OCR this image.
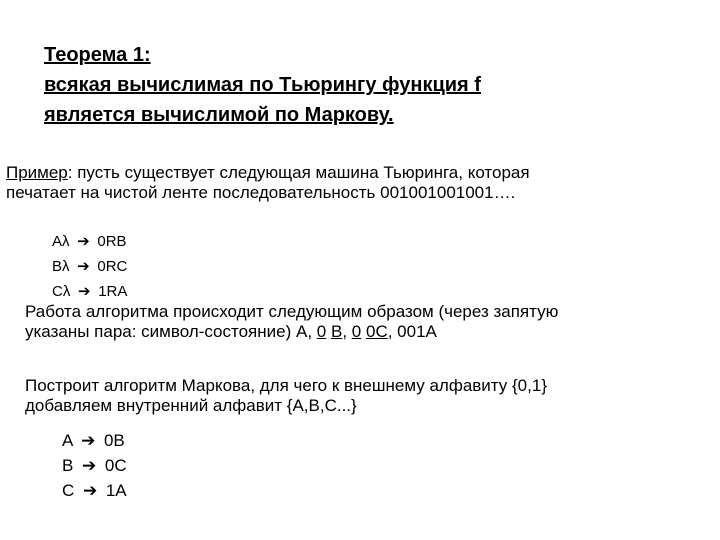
Теорема 1:
всякая вычислимая по Тьюрингу функция f
является вычислимой по Маркову.
Пример: пусть существует следующая машина Тьюринга, которая
печатает на чистой ленте последовательность 001001001001….
Aλ ➔ 0RB
Bλ ➔ 0RC
Cλ ➔ 1RA
Работа алгоритма происходит следующим образом (через запятую
указаны пара: символ-состояние) A, 0 B, 0 0C, 001A
Построит алгоритм Маркова, для чего к внешнему алфавиту {0,1}
добавляем внутренний алфавит {A,B,C...}
A ➔ 0B
B ➔ 0C
C ➔ 1A
